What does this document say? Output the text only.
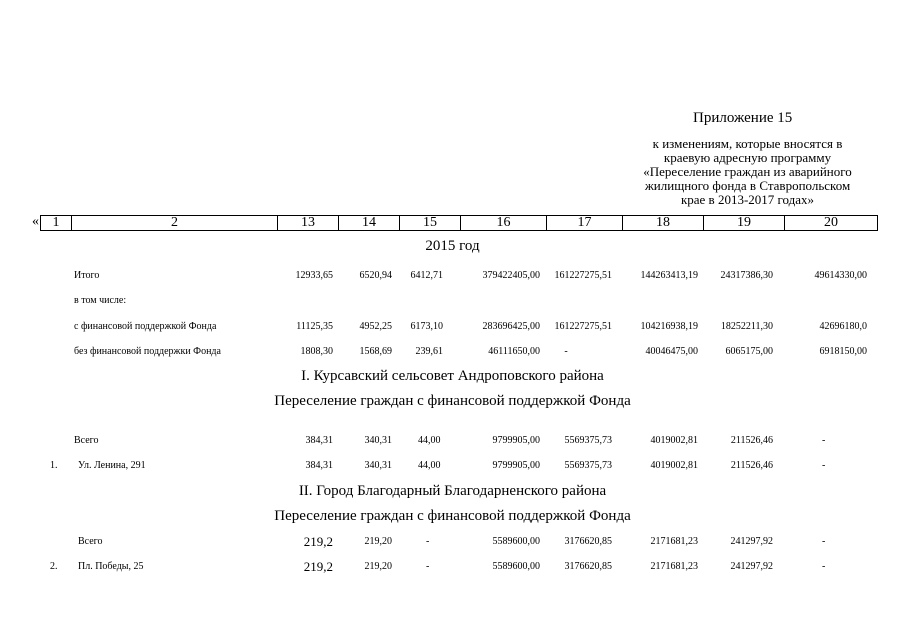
Приложение 15
к изменениям, которые вносятся в
краевую адресную программу
«Переселение граждан из аварийного
жилищного фонда в Ставропольском
крае в 2013-2017 годах»
« 1	2	13	14	15	16	17	18	19	20
2015 год
Итого	12933,65	6520,94	6412,71	379422405,00	161227275,51	144263413,19	24317386,30	49614330,00
в том числе:
с финансовой поддержкой Фонда	11125,35	4952,25	6173,10	283696425,00	161227275,51	104216938,19	18252211,30	42696180,0
без финансовой поддержки Фонда	1808,30	1568,69	239,61	46111650,00	-	40046475,00	6065175,00	6918150,00
I. Курсавский сельсовет Андроповского района
Переселение граждан с финансовой поддержкой Фонда
Всего	384,31	340,31	44,00	9799905,00	5569375,73	4019002,81	211526,46	-
1. Ул. Ленина, 291	384,31	340,31	44,00	9799905,00	5569375,73	4019002,81	211526,46	-
II. Город Благодарный Благодарненского района
Переселение граждан с финансовой поддержкой Фонда
Всего	219,2	219,20	-	5589600,00	3176620,85	2171681,23	241297,92	-
2. Пл. Победы, 25	219,2	219,20	-	5589600,00	3176620,85	2171681,23	241297,92	-
